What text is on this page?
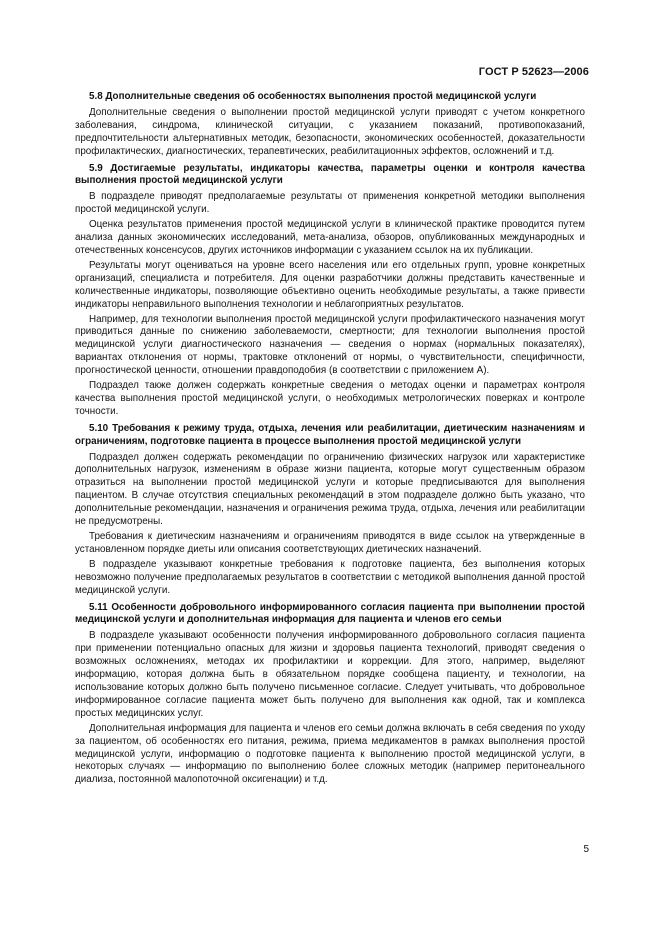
ГОСТ Р 52623—2006
5.8 Дополнительные сведения об особенностях выполнения простой медицинской услуги
Дополнительные сведения о выполнении простой медицинской услуги приводят с учетом конкретного заболевания, синдрома, клинической ситуации, с указанием показаний, противопоказаний, предпочтительности альтернативных методик, безопасности, экономических особенностей, доказательности профилактических, диагностических, терапевтических, реабилитационных эффектов, осложнений и т.д.
5.9 Достигаемые результаты, индикаторы качества, параметры оценки и контроля качества выполнения простой медицинской услуги
В подразделе приводят предполагаемые результаты от применения конкретной методики выполнения простой медицинской услуги.
Оценка результатов применения простой медицинской услуги в клинической практике проводится путем анализа данных экономических исследований, мета-анализа, обзоров, опубликованных международных и отечественных консенсусов, других источников информации с указанием ссылок на их публикации.
Результаты могут оцениваться на уровне всего населения или его отдельных групп, уровне конкретных организаций, специалиста и потребителя. Для оценки разработчики должны представить качественные и количественные индикаторы, позволяющие объективно оценить необходимые результаты, а также привести индикаторы неправильного выполнения технологии и неблагоприятных результатов.
Например, для технологии выполнения простой медицинской услуги профилактического назначения могут приводиться данные по снижению заболеваемости, смертности; для технологии выполнения простой медицинской услуги диагностического назначения — сведения о нормах (нормальных показателях), вариантах отклонения от нормы, трактовке отклонений от нормы, о чувствительности, специфичности, прогностической ценности, отношении правдоподобия (в соответствии с приложением А).
Подраздел также должен содержать конкретные сведения о методах оценки и параметрах контроля качества выполнения простой медицинской услуги, о необходимых метрологических поверках и контроле точности.
5.10 Требования к режиму труда, отдыха, лечения или реабилитации, диетическим назначениям и ограничениям, подготовке пациента в процессе выполнения простой медицинской услуги
Подраздел должен содержать рекомендации по ограничению физических нагрузок или характеристике дополнительных нагрузок, изменениям в образе жизни пациента, которые могут существенным образом отразиться на выполнении простой медицинской услуги и которые предписываются для выполнения пациентом. В случае отсутствия специальных рекомендаций в этом подразделе должно быть указано, что дополнительные рекомендации, назначения и ограничения режима труда, отдыха, лечения или реабилитации не предусмотрены.
Требования к диетическим назначениям и ограничениям приводятся в виде ссылок на утвержденные в установленном порядке диеты или описания соответствующих диетических назначений.
В подразделе указывают конкретные требования к подготовке пациента, без выполнения которых невозможно получение предполагаемых результатов в соответствии с методикой выполнения данной простой медицинской услуги.
5.11 Особенности добровольного информированного согласия пациента при выполнении простой медицинской услуги и дополнительная информация для пациента и членов его семьи
В подразделе указывают особенности получения информированного добровольного согласия пациента при применении потенциально опасных для жизни и здоровья пациента технологий, приводят сведения о возможных осложнениях, методах их профилактики и коррекции. Для этого, например, выделяют информацию, которая должна быть в обязательном порядке сообщена пациенту, и технологии, на использование которых должно быть получено письменное согласие. Следует учитывать, что добровольное информированное согласие пациента может быть получено для выполнения как одной, так и комплекса простых медицинских услуг.
Дополнительная информация для пациента и членов его семьи должна включать в себя сведения по уходу за пациентом, об особенностях его питания, режима, приема медикаментов в рамках выполнения простой медицинской услуги, информацию о подготовке пациента к выполнению простой медицинской услуги, в некоторых случаях — информацию по выполнению более сложных методик (например перитонеального диализа, постоянной малопоточной оксигенации) и т.д.
5
